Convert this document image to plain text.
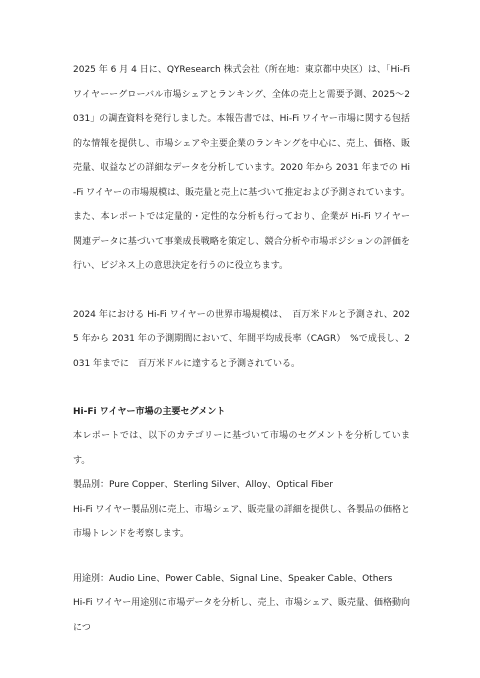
2025 年 6 月 4 日に、QYResearch 株式会社（所在地：東京都中央区）は、「Hi-Fi ワイヤーーグローバル市場シェアとランキング、全体の売上と需要予測、2025～2031」の調査資料を発行しました。本報告書では、Hi-Fi ワイヤー市場に関する包括的な情報を提供し、市場シェアや主要企業のランキングを中心に、売上、価格、販売量、収益などの詳細なデータを分析しています。2020 年から 2031 年までの Hi-Fi ワイヤーの市場規模は、販売量と売上に基づいて推定および予測されています。また、本レポートでは定量的・定性的な分析も行っており、企業が Hi-Fi ワイヤー関連データに基づいて事業成長戦略を策定し、競合分析や市場ポジションの評価を行い、ビジネス上の意思決定を行うのに役立ちます。

2024 年における Hi-Fi ワイヤーの世界市場規模は、　百万米ドルと予測され、2025 年から 2031 年の予測期間において、年間平均成長率（CAGR）　%で成長し、2031 年までに　百万米ドルに達すると予測されている。

Hi-Fi ワイヤー市場の主要セグメント

本レポートでは、以下のカテゴリーに基づいて市場のセグメントを分析しています。

製品別：Pure Copper、Sterling Silver、Alloy、Optical Fiber

Hi-Fi ワイヤー製品別に売上、市場シェア、販売量の詳細を提供し、各製品の価格と市場トレンドを考察します。

用途別：Audio Line、Power Cable、Signal Line、Speaker Cable、Others

Hi-Fi ワイヤー用途別に市場データを分析し、売上、市場シェア、販売量、価格動向につ
